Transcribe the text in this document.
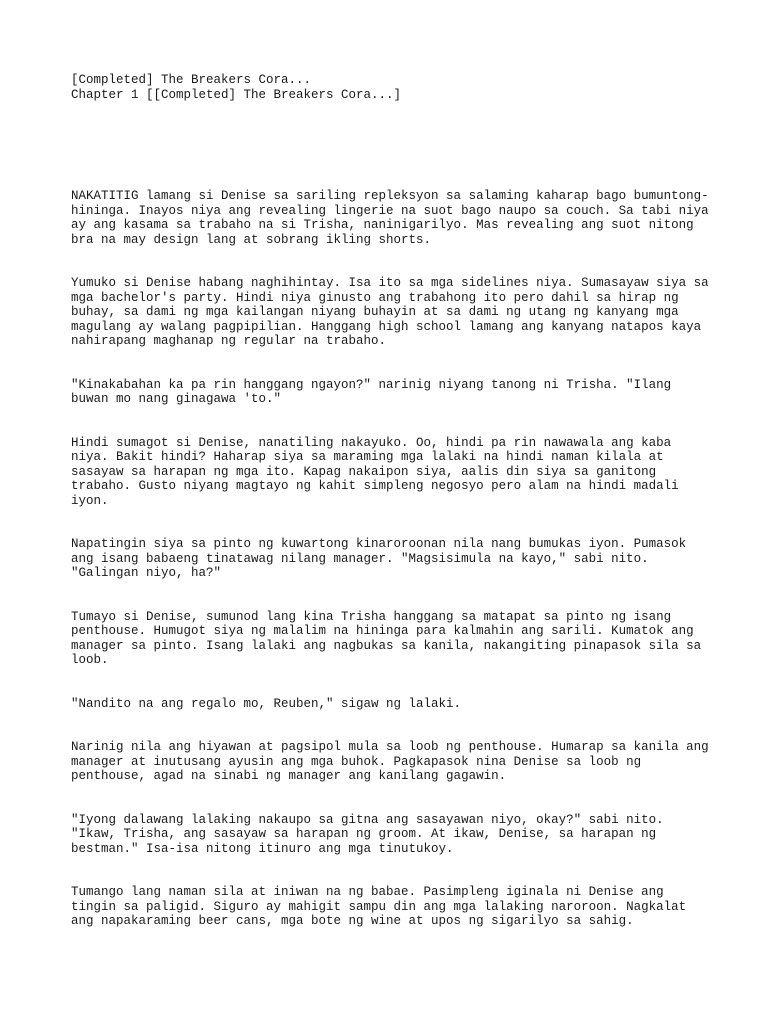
[Completed] The Breakers Cora...

Chapter 1 [[Completed] The Breakers Cora...]

NAKATITIG lamang si Denise sa sariling repleksyon sa salaming kaharap bago bumuntong-hininga. Inayos niya ang revealing lingerie na suot bago naupo sa couch. Sa tabi niya ay ang kasama sa trabaho na si Trisha, naninigarilyo. Mas revealing ang suot nitong bra na may design lang at sobrang ikling shorts.

Yumuko si Denise habang naghihintay. Isa ito sa mga sidelines niya. Sumasayaw siya sa mga bachelor's party. Hindi niya ginusto ang trabahong ito pero dahil sa hirap ng buhay, sa dami ng mga kailangan niyang buhayin at sa dami ng utang ng kanyang mga magulang ay walang pagpipilian. Hanggang high school lamang ang kanyang natapos kaya nahirapang maghanap ng regular na trabaho.

"Kinakabahan ka pa rin hanggang ngayon?" narinig niyang tanong ni Trisha. "Ilang buwan mo nang ginagawa 'to."

Hindi sumagot si Denise, nanatiling nakayuko. Oo, hindi pa rin nawawala ang kaba niya. Bakit hindi? Haharap siya sa maraming mga lalaki na hindi naman kilala at sasayaw sa harapan ng mga ito. Kapag nakaipon siya, aalis din siya sa ganitong trabaho. Gusto niyang magtayo ng kahit simpleng negosyo pero alam na hindi madali iyon.

Napatingin siya sa pinto ng kuwartong kinaroroonan nila nang bumukas iyon. Pumasok ang isang babaeng tinatawag nilang manager. "Magsisimula na kayo," sabi nito. "Galingan niyo, ha?"

Tumayo si Denise, sumunod lang kina Trisha hanggang sa matapat sa pinto ng isang penthouse. Humugot siya ng malalim na hininga para kalmahin ang sarili. Kumatok ang manager sa pinto. Isang lalaki ang nagbukas sa kanila, nakangiting pinapasok sila sa loob.

"Nandito na ang regalo mo, Reuben," sigaw ng lalaki.

Narinig nila ang hiyawan at pagsipol mula sa loob ng penthouse. Humarap sa kanila ang manager at inutusang ayusin ang mga buhok. Pagkapasok nina Denise sa loob ng penthouse, agad na sinabi ng manager ang kanilang gagawin.

"Iyong dalawang lalaking nakaupo sa gitna ang sasayawan niyo, okay?" sabi nito. "Ikaw, Trisha, ang sasayaw sa harapan ng groom. At ikaw, Denise, sa harapan ng bestman." Isa-isa nitong itinuro ang mga tinutukoy.

Tumango lang naman sila at iniwan na ng babae. Pasimpleng iginala ni Denise ang tingin sa paligid. Siguro ay mahigit sampu din ang mga lalaking naroroon. Nagkalat ang napakaraming beer cans, mga bote ng wine at upos ng sigarilyo sa sahig.
